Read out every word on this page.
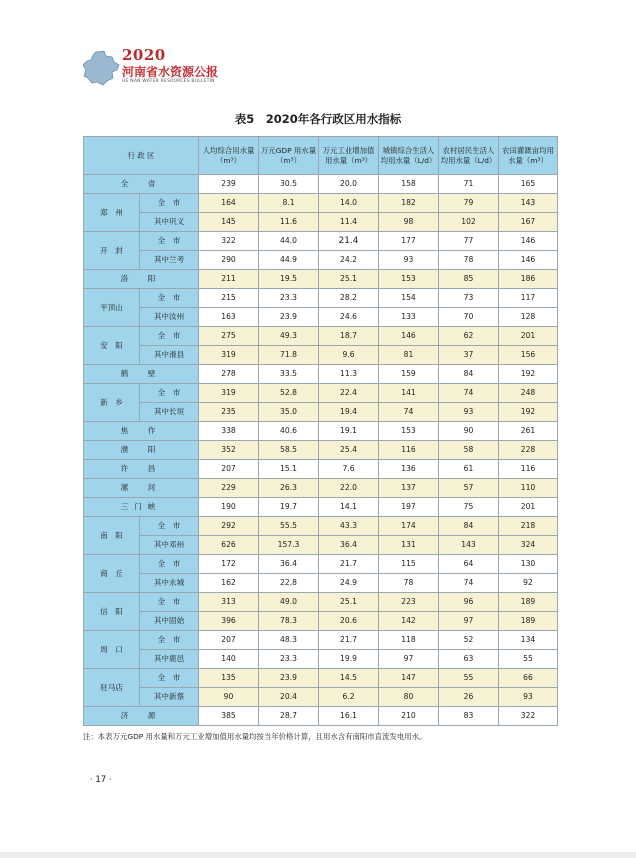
2020
河南省水资源公报
HE NAN WATER RESOURCES BULLETIN
表5　2020年各行政区用水指标
行 政 区		人均综合用水量（m³）	万元GDP 用水量（m³）	万元工业增加值用水量（m³）	城镇综合生活人均用水量（L/d）	农村居民生活人均用水量（L/d）	农田灌溉亩均用水量（m³）
全　省		239	30.5	20.0	158	71	165
郑　州	全　市	164	8.1	14.0	182	79	143
	其中巩义	145	11.6	11.4	98	102	167
开　封	全　市	322	44.0	21.4	177	77	146
	其中兰考	290	44.9	24.2	93	78	146
洛　阳		211	19.5	25.1	153	85	186
平顶山	全　市	215	23.3	28.2	154	73	117
	其中汝州	163	23.9	24.6	133	70	128
安　阳	全　市	275	49.3	18.7	146	62	201
	其中滑县	319	71.8	9.6	81	37	156
鹤　壁		278	33.5	11.3	159	84	192
新　乡	全　市	319	52.8	22.4	141	74	248
	其中长垣	235	35.0	19.4	74	93	192
焦　作		338	40.6	19.1	153	90	261
濮　阳		352	58.5	25.4	116	58	228
许　昌		207	15.1	7.6	136	61	116
漯　河		229	26.3	22.0	137	57	110
三门峡		190	19.7	14.1	197	75	201
南　阳	全　市	292	55.5	43.3	174	84	218
	其中邓州	626	157.3	36.4	131	143	324
商　丘	全　市	172	36.4	21.7	115	64	130
	其中永城	162	22.8	24.9	78	74	92
信　阳	全　市	313	49.0	25.1	223	96	189
	其中固始	396	78.3	20.6	142	97	189
周　口	全　市	207	48.3	21.7	118	52	134
	其中鹿邑	140	23.3	19.9	97	63	55
驻马店	全　市	135	23.9	14.5	147	55	66
	其中新蔡	90	20.4	6.2	80	26	93
济　源		385	28.7	16.1	210	83	322
注：本表万元GDP 用水量和万元工业增加值用水量均按当年价格计算，且用水含有南阳市直流发电用水。
· 17 ·
